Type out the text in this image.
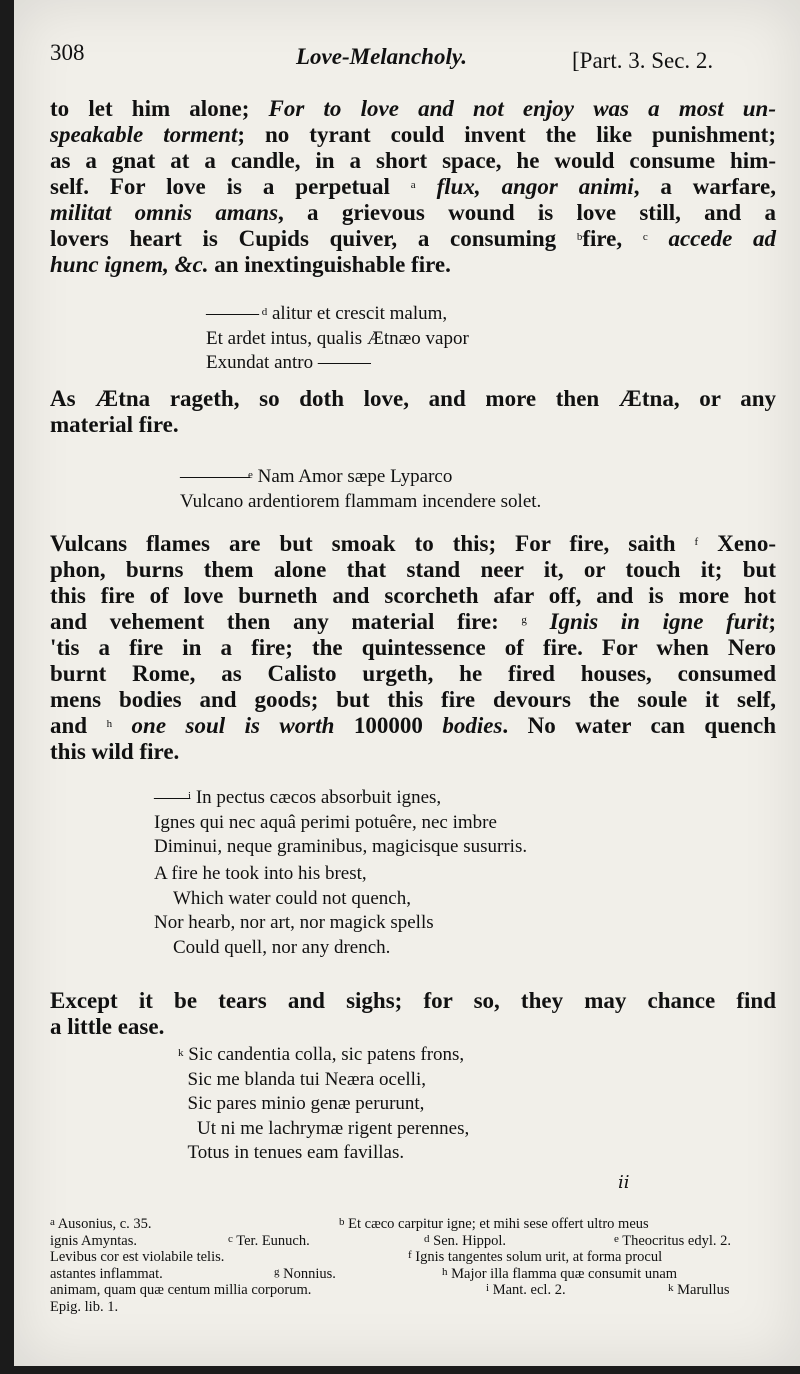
308	Love-Melancholy.	[Part. 3. Sec. 2.
to let him alone; For to love and not enjoy was a most un-
speakable torment; no tyrant could invent the like punishment;
as a gnat at a candle, in a short space, he would consume him-
self. For love is a perpetual $^a$ flux, angor animi, a warfare,
militat omnis amans, a grievous wound is love still, and a
lovers heart is Cupids quiver, a consuming $^b$fire, $^c$ accede ad
hunc ignem, &c. an inextinguishable fire.
——— $^d$ alitur et crescit malum,
Et ardet intus, qualis Ætnæo vapor
Exundat antro ———
As Ætna rageth, so doth love, and more then Ætna, or any
material fire.
————$^e$ Nam Amor sæpe Lyparco
Vulcano ardentiorem flammam incendere solet.
Vulcans flames are but smoak to this; For fire, saith $^f$ Xeno-
phon, burns them alone that stand neer it, or touch it; but
this fire of love burneth and scorcheth afar off, and is more hot
and vehement then any material fire: $^g$ Ignis in igne furit;
'tis a fire in a fire; the quintessence of fire. For when Nero
burnt Rome, as Calisto urgeth, he fired houses, consumed
mens bodies and goods; but this fire devours the soule it self,
and $^h$ one soul is worth 100000 bodies. No water can quench
this wild fire.
——$^i$ In pectus cæcos absorbuit ignes,
Ignes qui nec aquâ perimi potuêre, nec imbre
Diminui, neque graminibus, magicisque susurris.
A fire he took into his brest,
Which water could not quench,
Nor hearb, nor art, nor magick spells
Could quell, nor any drench.
Except it be tears and sighs; for so, they may chance find
a little ease.
$^k$ Sic candentia colla, sic patens frons,
Sic me blanda tui Neæra ocelli,
Sic pares minio genæ perurunt,
Ut ni me lachrymæ rigent perennes,
Totus in tenues eam favillas.
ii
$^a$ Ausonius, c. 35.	$^b$ Et cæco carpitur igne; et mihi sese offert ultro meus
ignis Amyntas.	$^c$ Ter. Eunuch.	$^d$ Sen. Hippol.	$^e$ Theocritus edyl. 2.
Levibus cor est violabile telis.	$^f$ Ignis tangentes solum urit, at forma procul
astantes inflammat.	$^g$ Nonnius.	$^h$ Major illa flamma quæ consumit unam
animam, quam quæ centum millia corporum.	$^i$ Mant. ecl. 2.	$^k$ Marullus
Epig. lib. 1.
